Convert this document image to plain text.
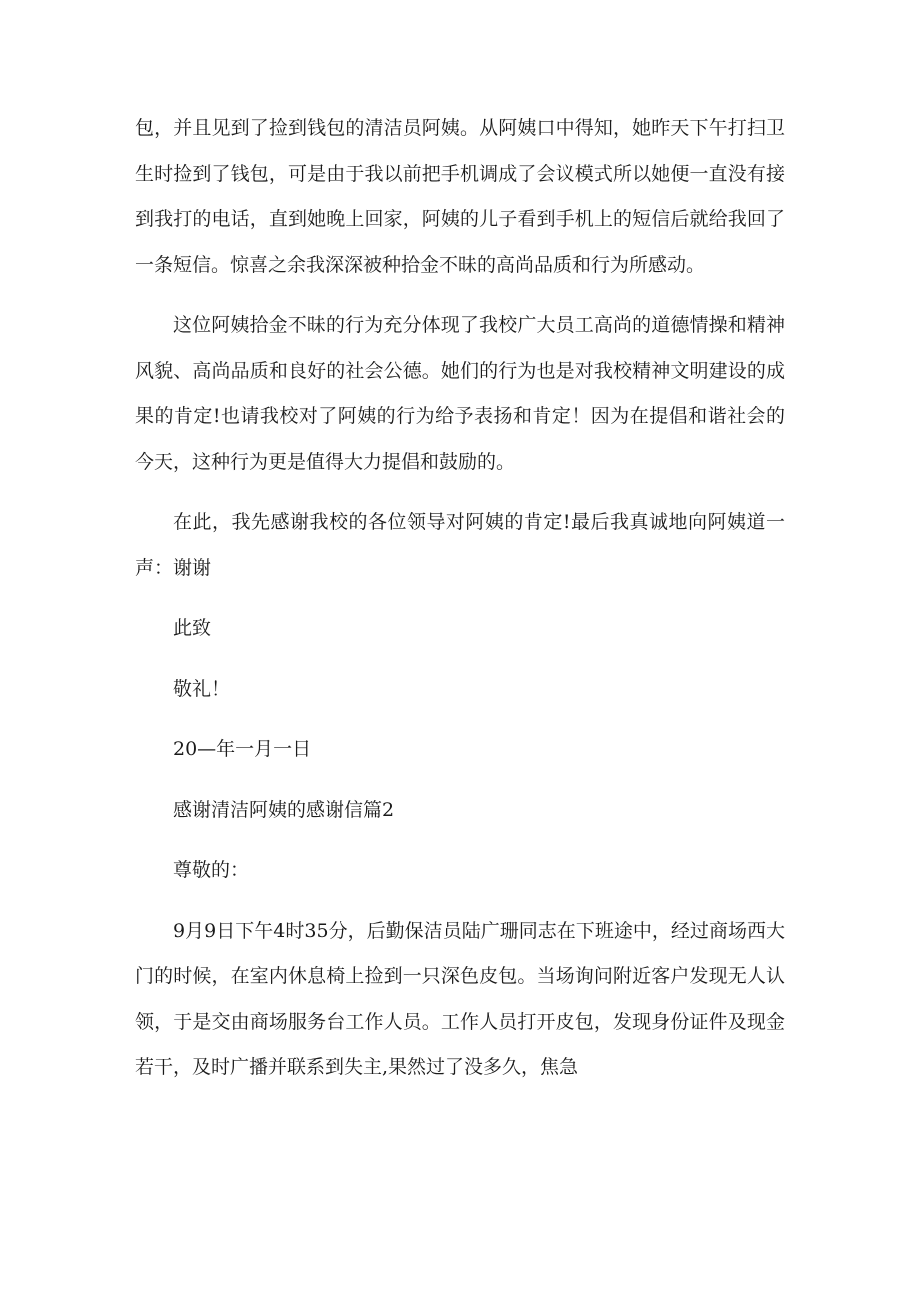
包，并且见到了捡到钱包的清洁员阿姨。从阿姨口中得知，她昨天下午打扫卫生时捡到了钱包，可是由于我以前把手机调成了会议模式所以她便一直没有接到我打的电话，直到她晚上回家，阿姨的儿子看到手机上的短信后就给我回了一条短信。惊喜之余我深深被种拾金不昧的高尚品质和行为所感动。

这位阿姨拾金不昧的行为充分体现了我校广大员工高尚的道德情操和精神风貌、高尚品质和良好的社会公德。她们的行为也是对我校精神文明建设的成果的肯定!也请我校对了阿姨的行为给予表扬和肯定！因为在提倡和谐社会的今天，这种行为更是值得大力提倡和鼓励的。

在此，我先感谢我校的各位领导对阿姨的肯定!最后我真诚地向阿姨道一声：谢谢

此致

敬礼！

20—年一月一日

感谢清洁阿姨的感谢信篇2

尊敬的：

9月9日下午4时35分，后勤保洁员陆广珊同志在下班途中，经过商场西大门的时候，在室内休息椅上捡到一只深色皮包。当场询问附近客户发现无人认领，于是交由商场服务台工作人员。工作人员打开皮包，发现身份证件及现金若干，及时广播并联系到失主,果然过了没多久，焦急
